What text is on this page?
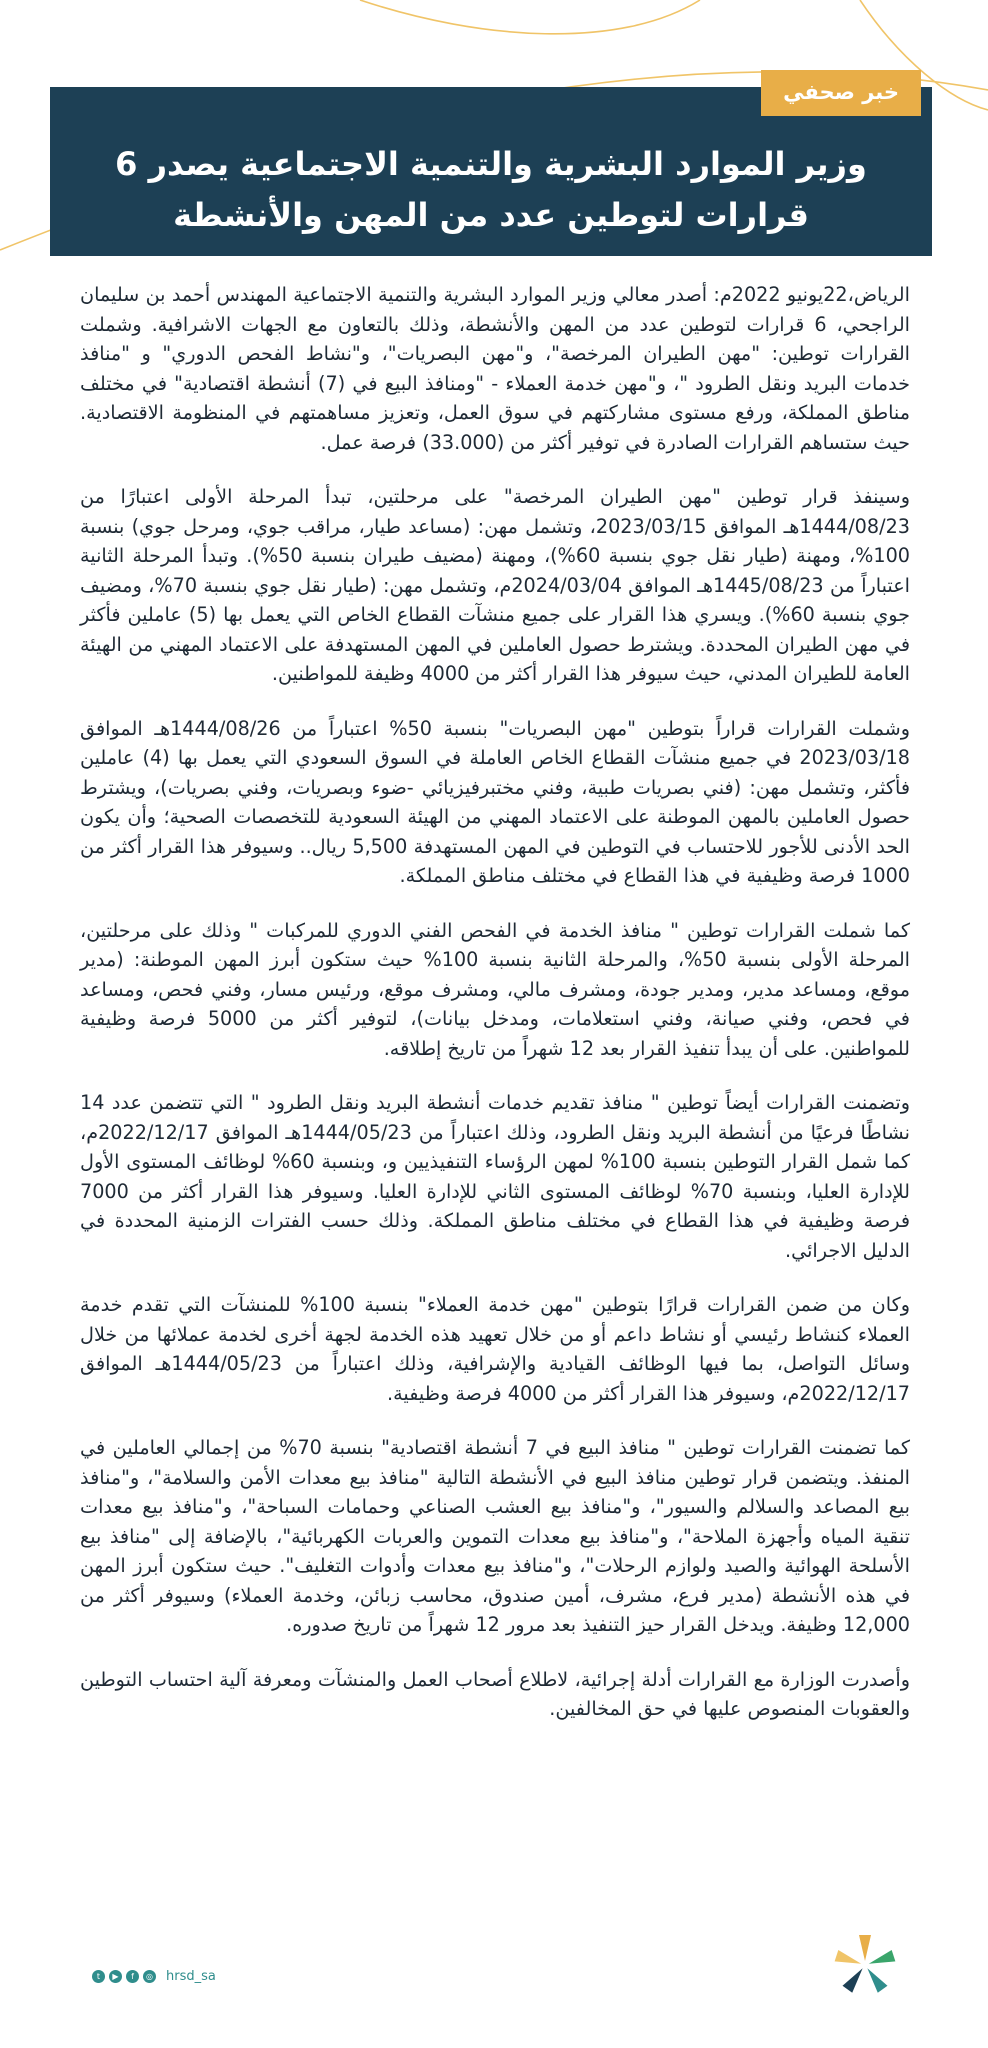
خبر صحفي
وزير الموارد البشرية والتنمية الاجتماعية يصدر 6 قرارات لتوطين عدد من المهن والأنشطة

الرياض،22يونيو 2022م: أصدر معالي وزير الموارد البشرية والتنمية الاجتماعية المهندس أحمد بن سليمان الراجحي، 6 قرارات لتوطين عدد من المهن والأنشطة، وذلك بالتعاون مع الجهات الاشرافية. وشملت القرارات توطين: "مهن الطيران المرخصة"، و"مهن البصريات"، و"نشاط الفحص الدوري" و "منافذ خدمات البريد ونقل الطرود "، و"مهن خدمة العملاء - "ومنافذ البيع في (7) أنشطة اقتصادية" في مختلف مناطق المملكة، ورفع مستوى مشاركتهم في سوق العمل، وتعزيز مساهمتهم في المنظومة الاقتصادية. حيث ستساهم القرارات الصادرة في توفير أكثر من (33.000) فرصة عمل.

وسينفذ قرار توطين "مهن الطيران المرخصة" على مرحلتين، تبدأ المرحلة الأولى اعتبارًا من 1444/08/23هـ الموافق 2023/03/15، وتشمل مهن: (مساعد طيار، مراقب جوي، ومرحل جوي) بنسبة 100%، ومهنة (طيار نقل جوي بنسبة 60%)، ومهنة (مضيف طيران بنسبة 50%). وتبدأ المرحلة الثانية اعتباراً من 1445/08/23هـ الموافق 2024/03/04م، وتشمل مهن: (طيار نقل جوي بنسبة 70%، ومضيف جوي بنسبة 60%). ويسري هذا القرار على جميع منشآت القطاع الخاص التي يعمل بها (5) عاملين فأكثر في مهن الطيران المحددة. ويشترط حصول العاملين في المهن المستهدفة على الاعتماد المهني من الهيئة العامة للطيران المدني، حيث سيوفر هذا القرار أكثر من 4000 وظيفة للمواطنين.

وشملت القرارات قراراً بتوطين "مهن البصريات" بنسبة 50% اعتباراً من 1444/08/26هـ الموافق 2023/03/18 في جميع منشآت القطاع الخاص العاملة في السوق السعودي التي يعمل بها (4) عاملين فأكثر، وتشمل مهن: (فني بصريات طبية، وفني مختبرفيزيائي -ضوء وبصريات، وفني بصريات)، ويشترط حصول العاملين بالمهن الموطنة على الاعتماد المهني من الهيئة السعودية للتخصصات الصحية؛ وأن يكون الحد الأدنى للأجور للاحتساب في التوطين في المهن المستهدفة 5,500 ريال.. وسيوفر هذا القرار أكثر من 1000 فرصة وظيفية في هذا القطاع في مختلف مناطق المملكة.

كما شملت القرارات توطين " منافذ الخدمة في الفحص الفني الدوري للمركبات " وذلك على مرحلتين، المرحلة الأولى بنسبة 50%، والمرحلة الثانية بنسبة 100% حيث ستكون أبرز المهن الموطنة: (مدير موقع، ومساعد مدير، ومدير جودة، ومشرف مالي، ومشرف موقع، ورئيس مسار، وفني فحص، ومساعد في فحص، وفني صيانة، وفني استعلامات، ومدخل بيانات)، لتوفير أكثر من 5000 فرصة وظيفية للمواطنين. على أن يبدأ تنفيذ القرار بعد 12 شهراً من تاريخ إطلاقه.

وتضمنت القرارات أيضاً توطين " منافذ تقديم خدمات أنشطة البريد ونقل الطرود " التي تتضمن عدد 14 نشاطًا فرعيًا من أنشطة البريد ونقل الطرود، وذلك اعتباراً من 1444/05/23هـ الموافق 2022/12/17م، كما شمل القرار التوطين بنسبة 100% لمهن الرؤساء التنفيذيين و، وبنسبة 60% لوظائف المستوى الأول للإدارة العليا، وبنسبة 70% لوظائف المستوى الثاني للإدارة العليا. وسيوفر هذا القرار أكثر من 7000 فرصة وظيفية في هذا القطاع في مختلف مناطق المملكة. وذلك حسب الفترات الزمنية المحددة في الدليل الاجرائي.

وكان من ضمن القرارات قرارًا بتوطين "مهن خدمة العملاء" بنسبة 100% للمنشآت التي تقدم خدمة العملاء كنشاط رئيسي أو نشاط داعم أو من خلال تعهيد هذه الخدمة لجهة أخرى لخدمة عملائها من خلال وسائل التواصل، بما فيها الوظائف القيادية والإشرافية، وذلك اعتباراً من 1444/05/23هـ الموافق 2022/12/17م، وسيوفر هذا القرار أكثر من 4000 فرصة وظيفية.

كما تضمنت القرارات توطين " منافذ البيع في 7 أنشطة اقتصادية" بنسبة 70% من إجمالي العاملين في المنفذ. ويتضمن قرار توطين منافذ البيع في الأنشطة التالية "منافذ بيع معدات الأمن والسلامة"، و"منافذ بيع المصاعد والسلالم والسيور"، و"منافذ بيع العشب الصناعي وحمامات السباحة"، و"منافذ بيع معدات تنقية المياه وأجهزة الملاحة"، و"منافذ بيع معدات التموين والعربات الكهربائية"، بالإضافة إلى "منافذ بيع الأسلحة الهوائية والصيد ولوازم الرحلات"، و"منافذ بيع معدات وأدوات التغليف". حيث ستكون أبرز المهن في هذه الأنشطة (مدير فرع، مشرف، أمين صندوق، محاسب زبائن، وخدمة العملاء) وسيوفر أكثر من 12,000 وظيفة. ويدخل القرار حيز التنفيذ بعد مرور 12 شهراً من تاريخ صدوره.

وأصدرت الوزارة مع القرارات أدلة إجرائية، لاطلاع أصحاب العمل والمنشآت ومعرفة آلية احتساب التوطين والعقوبات المنصوص عليها في حق المخالفين.

t	▶	f	◎ hrsd_sa
